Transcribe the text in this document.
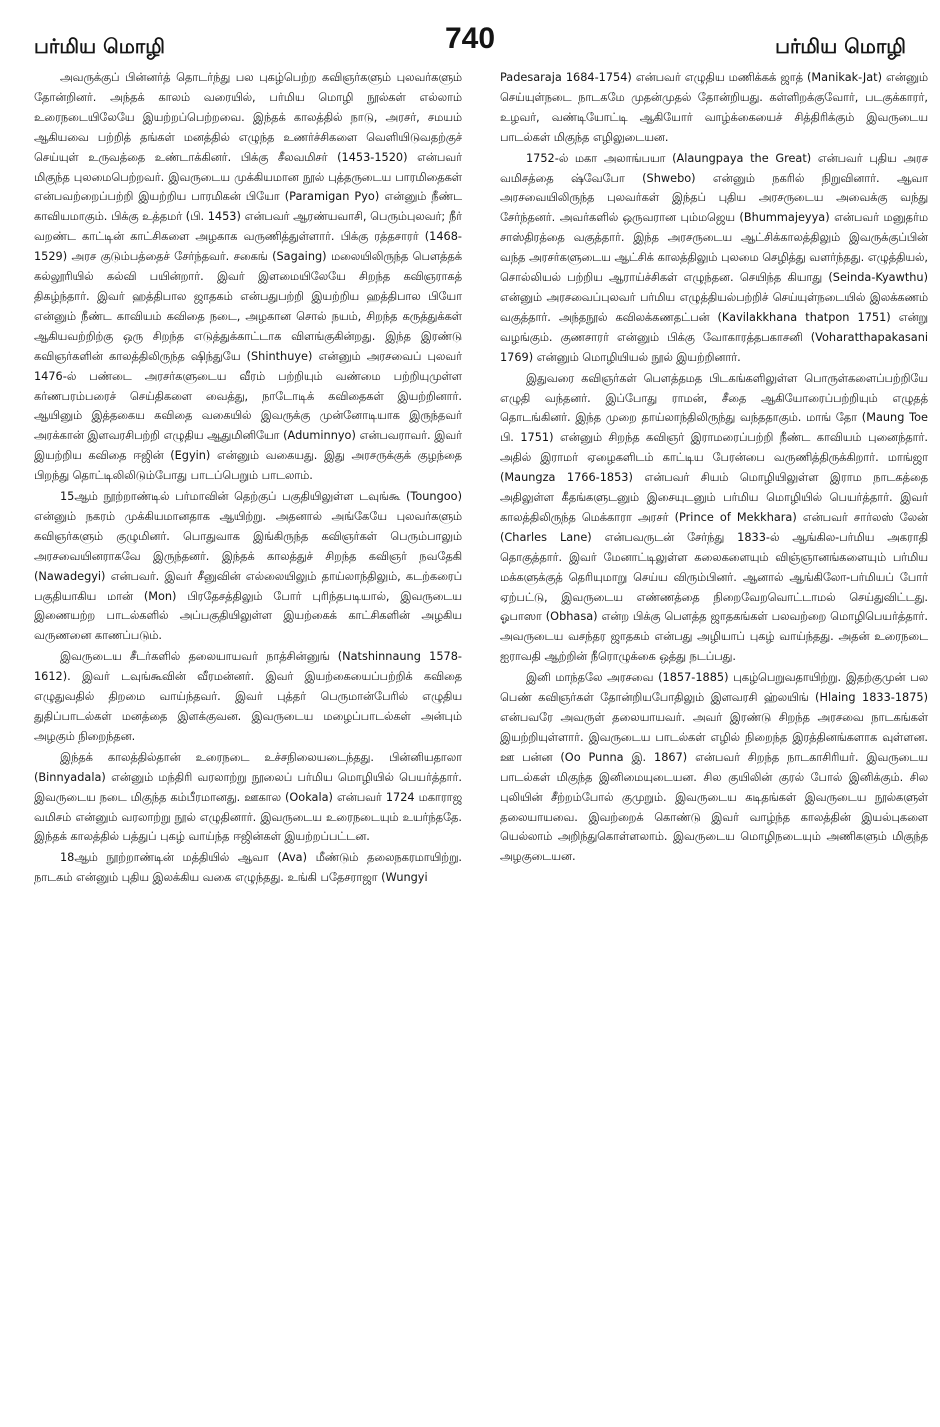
பர்மிய மொழி	740	பர்மிய மொழி

அவருக்குப் பின்னர்த் தொடர்ந்து பல புகழ்பெற்ற கவிஞர்களும் புலவர்களும் தோன்றினர். அந்தக் காலம் வரையில், பர்மிய மொழி நூல்கள் எல்லாம் உரைநடையிலேயே இயற்றப்பெற்றவை. இந்தக் காலத்தில் நாடு, அரசர், சமயம் ஆகியவை பற்றித் தங்கள் மனத்தில் எழுந்த உணர்ச்சிகளை வெளியிடுவதற்குச் செய்யுள் உருவத்தை உண்டாக்கினர். பிக்கு சீலவமிசர் (1453-1520) என்பவர் மிகுந்த புலமைபெற்றவர். இவருடைய முக்கியமான நூல் புத்தருடைய பாரமிதைகள் என்பவற்றைப்பற்றி இயற்றிய பாரமிகன் பியோ (Paramigan Pyo) என்னும் நீண்ட காவியமாகும். பிக்கு உத்தமர் (பி. 1453) என்பவர் ஆரண்யவாசி, பெரும்புலவர்; நீர் வறண்ட காட்டின் காட்சிகளை அழகாக வருணித்துள்ளார். பிக்கு ரத்தசாரர் (1468-1529) அரச குடும்பத்தைச் சேர்ந்தவர். சகைங் (Sagaing) மலையிலிருந்த பௌத்தக் கல்லூரியில் கல்வி பயின்றார். இவர் இளமையிலேயே சிறந்த கவிஞராகத் திகழ்ந்தார். இவர் ஹத்திபால ஜாதகம் என்பதுபற்றி இயற்றிய ஹத்திபால பியோ என்னும் நீண்ட காவியம் கவிதை நடை, அழகான சொல் நயம், சிறந்த கருத்துக்கள் ஆகியவற்றிற்கு ஒரு சிறந்த எடுத்துக்காட்டாக விளங்குகின்றது. இந்த இரண்டு கவிஞர்களின் காலத்திலிருந்த ஷிந்துயே (Shinthuye) என்னும் அரசவைப் புலவர் 1476-ல் பண்டை அரசர்களுடைய வீரம் பற்றியும் வண்மை பற்றியுமுள்ள கர்ணபரம்பரைச் செய்திகளை வைத்து, நாடோடிக் கவிதைகள் இயற்றினார். ஆயினும் இத்தகைய கவிதை வகையில் இவருக்கு முன்னோடியாக இருந்தவர் அரக்கான் இளவரசிபற்றி எழுதிய ஆதுமினியோ (Aduminnyo) என்பவராவர். இவர் இயற்றிய கவிதை ஈஜின் (Egyin) என்னும் வகையது. இது அரசருக்குக் குழந்தை பிறந்து தொட்டிலிலிடும்போது பாடப்பெறும் பாடலாம்.

15ஆம் நூற்றாண்டில் பர்மாவின் தெற்குப் பகுதியிலுள்ள டவுங்கூ (Toungoo) என்னும் நகரம் முக்கியமானதாக ஆயிற்று. அதனால் அங்கேயே புலவர்களும் கவிஞர்களும் குழுமினர். பொதுவாக இங்கிருந்த கவிஞர்கள் பெரும்பாலும் அரசவையினராகவே இருந்தனர். இந்தக் காலத்துச் சிறந்த கவிஞர் நவதேகி (Nawadegyi) என்பவர். இவர் சீனுவின் எல்லையிலும் தாய்லாந்திலும், கடற்கரைப் பகுதியாகிய மான் (Mon) பிரதேசத்திலும் போர் புரிந்தபடியால், இவருடைய இணையற்ற பாடல்களில் அப்பகுதியிலுள்ள இயற்கைக் காட்சிகளின் அழகிய வருணனை காணப்படும்.

இவருடைய சீடர்களில் தலையாயவர் நாத்சின்னுங் (Natshinnaung 1578-1612). இவர் டவுங்கூவின் வீரமன்னர். இவர் இயற்கையைப்பற்றிக் கவிதை எழுதுவதில் திறமை வாய்ந்தவர். இவர் புத்தர் பெருமான்பேரில் எழுதிய துதிப்பாடல்கள் மனத்தை இளக்குவன. இவருடைய மழைப்பாடல்கள் அன்பும் அழகும் நிறைந்தன.

இந்தக் காலத்தில்தான் உரைநடை உச்சநிலையடைந்தது. பின்னியதாலா (Binnyadala) என்னும் மந்திரி வரலாற்று நூலைப் பர்மிய மொழியில் பெயர்த்தார். இவருடைய நடை மிகுந்த கம்பீரமானது. ஊகால (Ookala) என்பவர் 1724 மகாராஜ வமிசம் என்னும் வரலாற்று நூல் எழுதினார். இவருடைய உரைநடையும் உயர்ந்ததே. இந்தக் காலத்தில் பத்துப் புகழ் வாய்ந்த ஈஜின்கள் இயற்றப்பட்டன.

18ஆம் நூற்றாண்டின் மத்தியில் ஆவா (Ava) மீண்டும் தலைநகரமாயிற்று. நாடகம் என்னும் புதிய இலக்கிய வகை எழுந்தது. உங்கி பதேசராஜா (Wungyi

Padesaraja 1684-1754) என்பவர் எழுதிய மணிக்கக் ஜாத் (Manikak-Jat) என்னும் செய்யுள்நடை நாடகமே முதன்முதல் தோன்றியது. கள்ளிறக்குவோர், படகுக்காரர், உழவர், வண்டியோட்டி ஆகியோர் வாழ்க்கையைச் சித்திரிக்கும் இவருடைய பாடல்கள் மிகுந்த எழிலுடையன.

1752-ல் மகா அலாங்பயா (Alaungpaya the Great) என்பவர் புதிய அரச வமிசத்தை ஷ்வேபோ (Shwebo) என்னும் நகரில் நிறுவினார். ஆவா அரசவையிலிருந்த புலவர்கள் இந்தப் புதிய அரசருடைய அவைக்கு வந்து சேர்ந்தனர். அவர்களில் ஒருவரான பும்மஜெய (Bhummajeyya) என்பவர் மனுதர்ம சாஸ்திரத்தை வகுத்தார். இந்த அரசருடைய ஆட்சிக்காலத்திலும் இவருக்குப்பின் வந்த அரசர்களுடைய ஆட்சிக் காலத்திலும் புலமை செழித்து வளர்ந்தது. எழுத்தியல், சொல்லியல் பற்றிய ஆராய்ச்சிகள் எழுந்தன. செயிந்த கியாது (Seinda-Kyawthu) என்னும் அரசவைப்புலவர் பர்மிய எழுத்தியல்பற்றிச் செய்யுள்நடையில் இலக்கணம் வகுத்தார். அந்தநூல் கவிலக்கணதட்பன் (Kavilakkhana thatpon 1751) என்று வழங்கும். குணசாரர் என்னும் பிக்கு வோகாரத்தபகாசனி (Voharatthapakasani 1769) என்னும் மொழியியல் நூல் இயற்றினார்.

இதுவரை கவிஞர்கள் பௌத்தமத பிடகங்களிலுள்ள பொருள்களைப்பற்றியே எழுதி வந்தனர். இப்போது ராமன், சீதை ஆகியோரைப்பற்றியும் எழுதத் தொடங்கினர். இந்த முறை தாய்லாந்திலிருந்து வந்ததாகும். மாங் தோ (Maung Toe பி. 1751) என்னும் சிறந்த கவிஞர் இராமரைப்பற்றி நீண்ட காவியம் புனைந்தார். அதில் இராமர் ஏழைகளிடம் காட்டிய பேரன்பை வருணித்திருக்கிறார். மாங்ஜா (Maungza 1766-1853) என்பவர் சியம் மொழியிலுள்ள இராம நாடகத்தை அதிலுள்ள கீதங்களுடனும் இசையுடனும் பர்மிய மொழியில் பெயர்த்தார். இவர் காலத்திலிருந்த மெக்காரா அரசர் (Prince of Mekkhara) என்பவர் சார்லஸ் லேன் (Charles Lane) என்பவருடன் சேர்ந்து 1833-ல் ஆங்கில-பர்மிய அகராதி தொகுத்தார். இவர் மேனாட்டிலுள்ள கலைகளையும் விஞ்ஞானங்களையும் பர்மிய மக்களுக்குத் தெரியுமாறு செய்ய விரும்பினர். ஆனால் ஆங்கிலோ-பர்மியப் போர் ஏற்பட்டு, இவருடைய எண்ணத்தை நிறைவேறவொட்டாமல் செய்துவிட்டது. ஓபாஸா (Obhasa) என்ற பிக்கு பௌத்த ஜாதகங்கள் பலவற்றை மொழிபெயர்த்தார். அவருடைய வசந்தர ஜாதகம் என்பது அழியாப் புகழ் வாய்ந்தது. அதன் உரைநடை ஐராவதி ஆற்றின் நீரொழுக்கை ஒத்து நடப்பது.

இனி மாந்தலே அரசவை (1857-1885) புகழ்பெறுவதாயிற்று. இதற்குமுன் பல பெண் கவிஞர்கள் தோன்றியபோதிலும் இளவரசி ஹ்லயிங் (Hlaing 1833-1875) என்பவரே அவருள் தலையாயவர். அவர் இரண்டு சிறந்த அரசவை நாடகங்கள் இயற்றியுள்ளார். இவருடைய பாடல்கள் எழில் நிறைந்த இரத்தினங்களாக வுள்ளன. ஊ பன்ன (Oo Punna இ. 1867) என்பவர் சிறந்த நாடகாசிரியர். இவருடைய பாடல்கள் மிகுந்த இனிமையுடையன. சில குயிலின் குரல் போல் இனிக்கும். சில புலியின் சீற்றம்போல் குமுறும். இவருடைய கடிதங்கள் இவருடைய நூல்களுள் தலையாயவை. இவற்றைக் கொண்டு இவர் வாழ்ந்த காலத்தின் இயல்புகளை யெல்லாம் அறிந்துகொள்ளலாம். இவருடைய மொழிநடையும் அணிகளும் மிகுந்த அழகுடையன.
